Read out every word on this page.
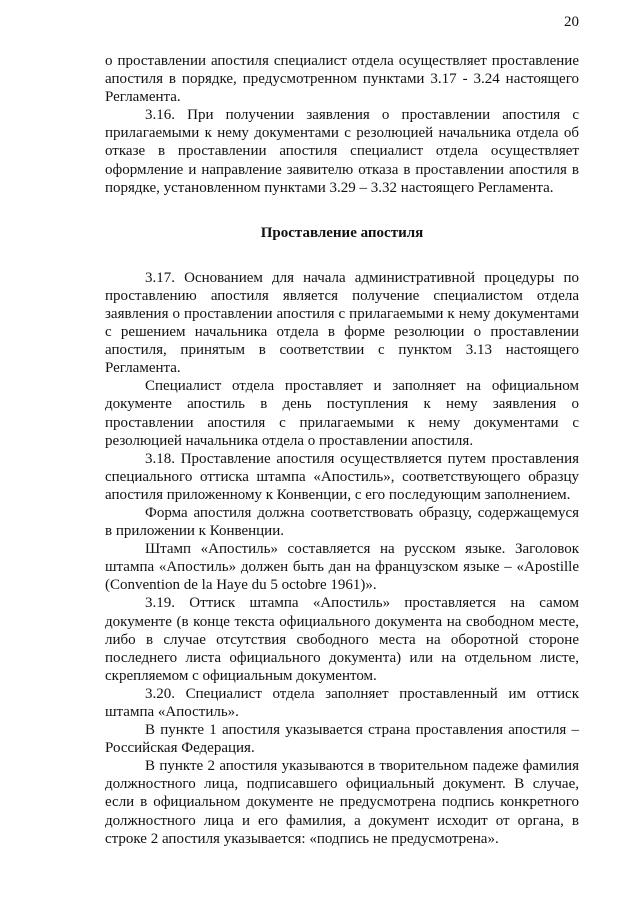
20

о проставлении апостиля специалист отдела осуществляет проставление апостиля в порядке, предусмотренном пунктами 3.17 - 3.24 настоящего Регламента.

3.16. При получении заявления о проставлении апостиля с прилагаемыми к нему документами с резолюцией начальника отдела об отказе в проставлении апостиля специалист отдела осуществляет оформление и направление заявителю отказа в проставлении апостиля в порядке, установленном пунктами 3.29 – 3.32 настоящего Регламента.

Проставление апостиля

3.17. Основанием для начала административной процедуры по проставлению апостиля является получение специалистом отдела заявления о проставлении апостиля с прилагаемыми к нему документами с решением начальника отдела в форме резолюции о проставлении апостиля, принятым в соответствии с пунктом 3.13 настоящего Регламента.

Специалист отдела проставляет и заполняет на официальном документе апостиль в день поступления к нему заявления о проставлении апостиля с прилагаемыми к нему документами с резолюцией начальника отдела о проставлении апостиля.

3.18. Проставление апостиля осуществляется путем проставления специального оттиска штампа «Апостиль», соответствующего образцу апостиля приложенному к Конвенции, с его последующим заполнением.

Форма апостиля должна соответствовать образцу, содержащемуся в приложении к Конвенции.

Штамп «Апостиль» составляется на русском языке. Заголовок штампа «Апостиль» должен быть дан на французском языке – «Apostille (Convention de la Haye du 5 octobre 1961)».

3.19. Оттиск штампа «Апостиль» проставляется на самом документе (в конце текста официального документа на свободном месте, либо в случае отсутствия свободного места на оборотной стороне последнего листа официального документа) или на отдельном листе, скрепляемом с официальным документом.

3.20. Специалист отдела заполняет проставленный им оттиск штампа «Апостиль».

В пункте 1 апостиля указывается страна проставления апостиля – Российская Федерация.

В пункте 2 апостиля указываются в творительном падеже фамилия должностного лица, подписавшего официальный документ. В случае, если в официальном документе не предусмотрена подпись конкретного должностного лица и его фамилия, а документ исходит от органа, в строке 2 апостиля указывается: «подпись не предусмотрена».
